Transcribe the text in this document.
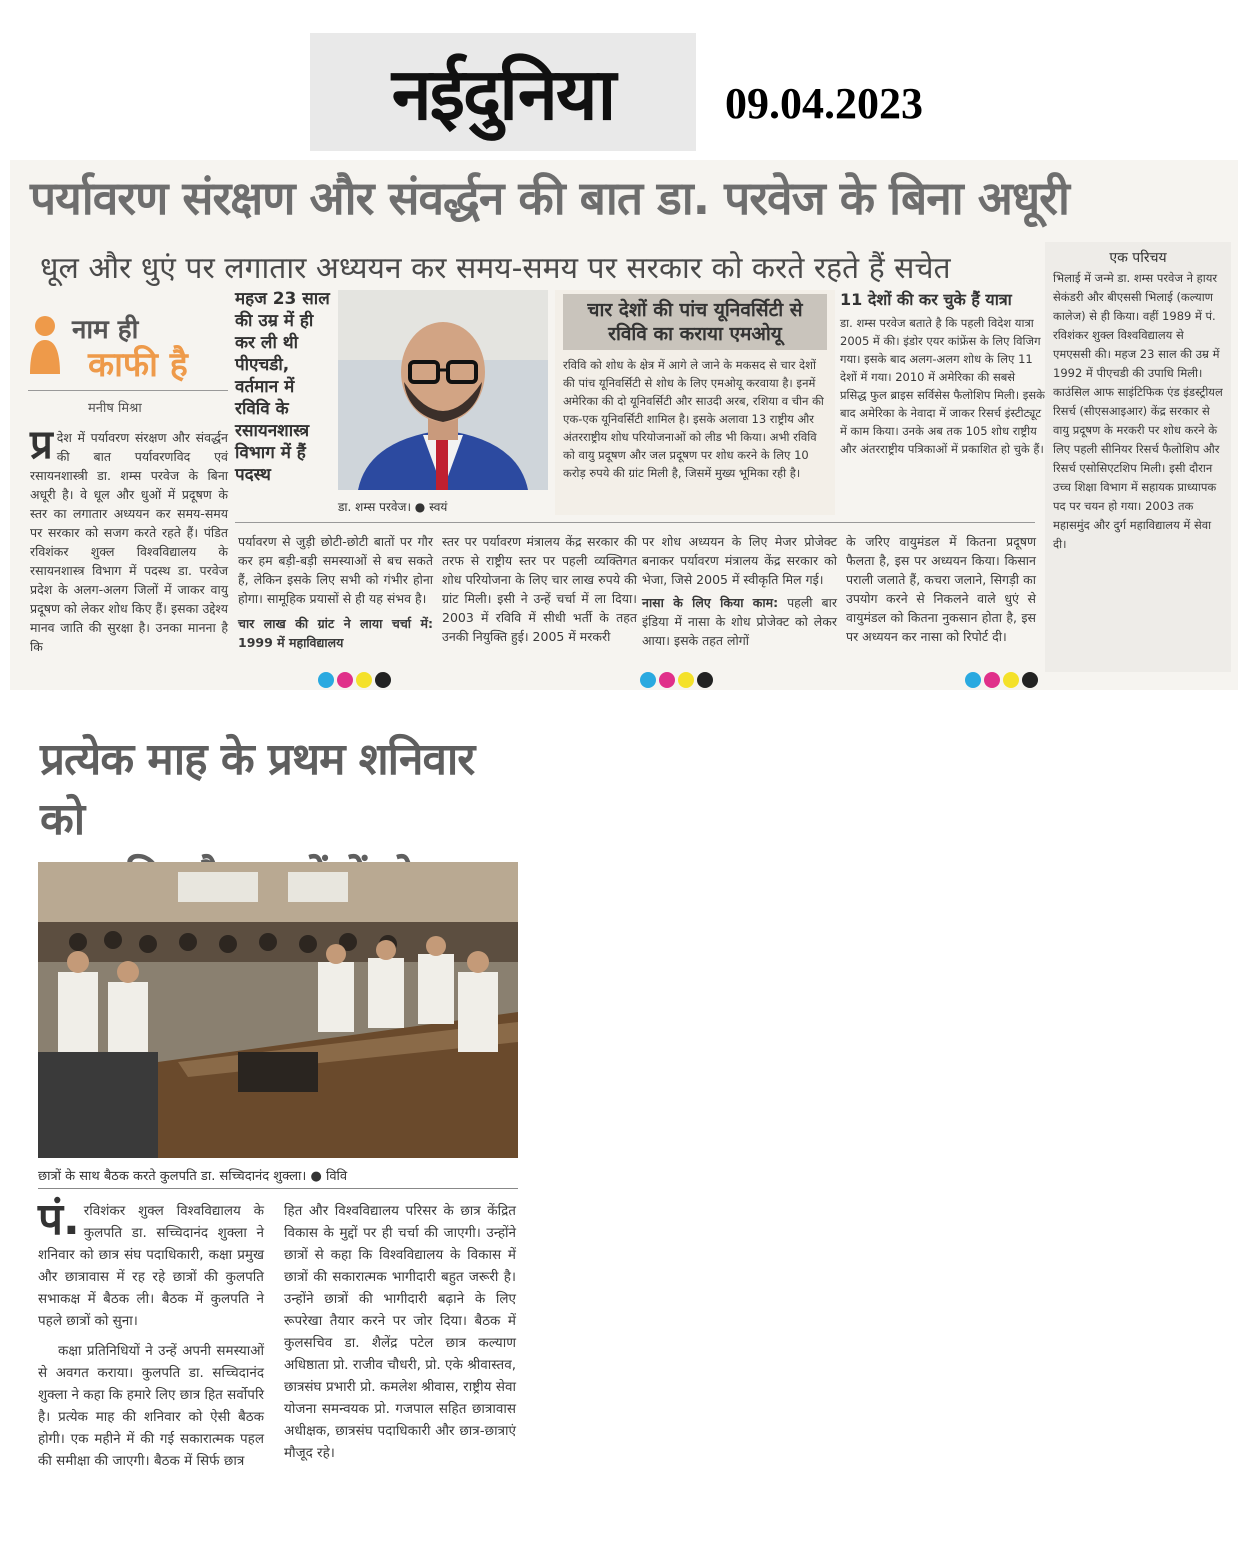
नईदुनिया	09.04.2023
पर्यावरण संरक्षण और संवर्द्धन की बात डा. परवेज के बिना अधूरी
धूल और धुएं पर लगातार अध्ययन कर समय-समय पर सरकार को करते रहते हैं सचेत
नाम ही
काफी है
मनीष मिश्रा
प्र देश में पर्यावरण संरक्षण और संवर्द्धन की बात पर्यावरणविद एवं रसायनशास्त्री डा. शम्स परवेज के बिना अधूरी है। वे धूल और धुओं में प्रदूषण के स्तर का लगातार अध्ययन कर समय-समय पर सरकार को सजग करते रहते हैं। पंडित रविशंकर शुक्ल विश्वविद्यालय के रसायनशास्त्र विभाग में पदस्थ डा. परवेज प्रदेश के अलग-अलग जिलों में जाकर वायु प्रदूषण को लेकर शोध किए हैं। इसका उद्देश्य मानव जाति की सुरक्षा है। उनका मानना है कि
महज 23 साल की उम्र में ही कर ली थी पीएचडी, वर्तमान में रविवि के रसायनशास्त्र विभाग में हैं पदस्थ
डा. शम्स परवेज। ● स्वयं
चार देशों की पांच यूनिवर्सिटी से रविवि का कराया एमओयू
रविवि को शोध के क्षेत्र में आगे ले जाने के मकसद से चार देशों की पांच यूनिवर्सिटी से शोध के लिए एमओयू करवाया है। इनमें अमेरिका की दो यूनिवर्सिटी और साउदी अरब, रशिया व चीन की एक-एक यूनिवर्सिटी शामिल है। इसके अलावा 13 राष्ट्रीय और अंतरराष्ट्रीय शोध परियोजनाओं को लीड भी किया। अभी रविवि को वायु प्रदूषण और जल प्रदूषण पर शोध करने के लिए 10 करोड़ रुपये की ग्रांट मिली है, जिसमें मुख्य भूमिका रही है।
11 देशों की कर चुके हैं यात्रा
डा. शम्स परवेज बताते है कि पहली विदेश यात्रा 2005 में की। इंडोर एयर कांफ्रेंस के लिए विजिग गया। इसके बाद अलग-अलग शोध के लिए 11 देशों में गया। 2010 में अमेरिका की सबसे प्रसिद्ध फुल ब्राइस सर्विसेस फैलोशिप मिली। इसके बाद अमेरिका के नेवादा में जाकर रिसर्च इंस्टीट्यूट में काम किया। उनके अब तक 105 शोध राष्ट्रीय और अंतरराष्ट्रीय पत्रिकाओं में प्रकाशित हो चुके हैं।
एक परिचय
भिलाई में जन्मे डा. शम्स परवेज ने हायर सेकंडरी और बीएससी भिलाई (कल्याण कालेज) से ही किया। वहीं 1989 में पं. रविशंकर शुक्ल विश्वविद्यालय से एमएससी की। महज 23 साल की उम्र में 1992 में पीएचडी की उपाधि मिली। काउंसिल आफ साइंटिफिक एंड इंडस्ट्रीयल रिसर्च (सीएसआइआर) केंद्र सरकार से वायु प्रदूषण के मरकरी पर शोध करने के लिए पहली सीनियर रिसर्च फैलोशिप और रिसर्च एसोसिएटशिप मिली। इसी दौरान उच्च शिक्षा विभाग में सहायक प्राध्यापक पद पर चयन हो गया। 2003 तक महासमुंद और दुर्ग महाविद्यालय में सेवा दी।

पर्यावरण से जुड़ी छोटी-छोटी बातों पर गौर कर हम बड़ी-बड़ी समस्याओं से बच सकते हैं, लेकिन इसके लिए सभी को गंभीर होना होगा। सामूहिक प्रयासों से ही यह संभव है।

चार लाख की ग्रांट ने लाया चर्चा में: 1999 में महाविद्यालय

स्तर पर पर्यावरण मंत्रालय केंद्र सरकार की तरफ से राष्ट्रीय स्तर पर पहली व्यक्तिगत शोध परियोजना के लिए चार लाख रुपये की ग्रांट मिली। इसी ने उन्हें चर्चा में ला दिया। 2003 में रविवि में सीधी भर्ती के तहत उनकी नियुक्ति हुई। 2005 में मरकरी

पर शोध अध्ययन के लिए मेजर प्रोजेक्ट बनाकर पर्यावरण मंत्रालय केंद्र सरकार को भेजा, जिसे 2005 में स्वीकृति मिल गई।

नासा के लिए किया काम: पहली बार इंडिया में नासा के शोध प्रोजेक्ट को लेकर आया। इसके तहत लोगों

के जरिए वायुमंडल में कितना प्रदूषण फैलता है, इस पर अध्ययन किया। किसान पराली जलाते हैं, कचरा जलाने, सिगड़ी का उपयोग करने से निकलने वाले धुएं से वायुमंडल को कितना नुकसान होता है, इस पर अध्ययन कर नासा को रिपोर्ट दी।

प्रत्येक माह के प्रथम शनिवार को
छात्रों के साथ बैठक करते कुलपति डा. सच्चिदानंद शुक्ला। ● विवि
पं. रविशंकर शुक्ल विश्वविद्यालय के कुलपति डा. सच्चिदानंद शुक्ला ने शनिवार को छात्र संघ पदाधिकारी, कक्षा प्रमुख और छात्रावास में रह रहे छात्रों की कुलपति सभाकक्ष में बैठक ली। बैठक में कुलपति ने पहले छात्रों को सुना।

कक्षा प्रतिनिधियों ने उन्हें अपनी समस्याओं से अवगत कराया। कुलपति डा. सच्चिदानंद शुक्ला ने कहा कि हमारे लिए छात्र हित सर्वोपरि है। प्रत्येक माह की शनिवार को ऐसी बैठक होगी। एक महीने में की गई सकारात्मक पहल की समीक्षा की जाएगी। बैठक में सिर्फ छात्र

हित और विश्वविद्यालय परिसर के छात्र केंद्रित विकास के मुद्दों पर ही चर्चा की जाएगी। उन्होंने छात्रों से कहा कि विश्वविद्यालय के विकास में छात्रों की सकारात्मक भागीदारी बहुत जरूरी है। उन्होंने छात्रों की भागीदारी बढ़ाने के लिए रूपरेखा तैयार करने पर जोर दिया। बैठक में कुलसचिव डा. शैलेंद्र पटेल छात्र कल्याण अधिष्ठाता प्रो. राजीव चौधरी, प्रो. एके श्रीवास्तव, छात्रसंघ प्रभारी प्रो. कमलेश श्रीवास, राष्ट्रीय सेवा योजना समन्वयक प्रो. गजपाल सहित छात्रावास अधीक्षक, छात्रसंघ पदाधिकारी और छात्र-छात्राएं मौजूद रहे।
